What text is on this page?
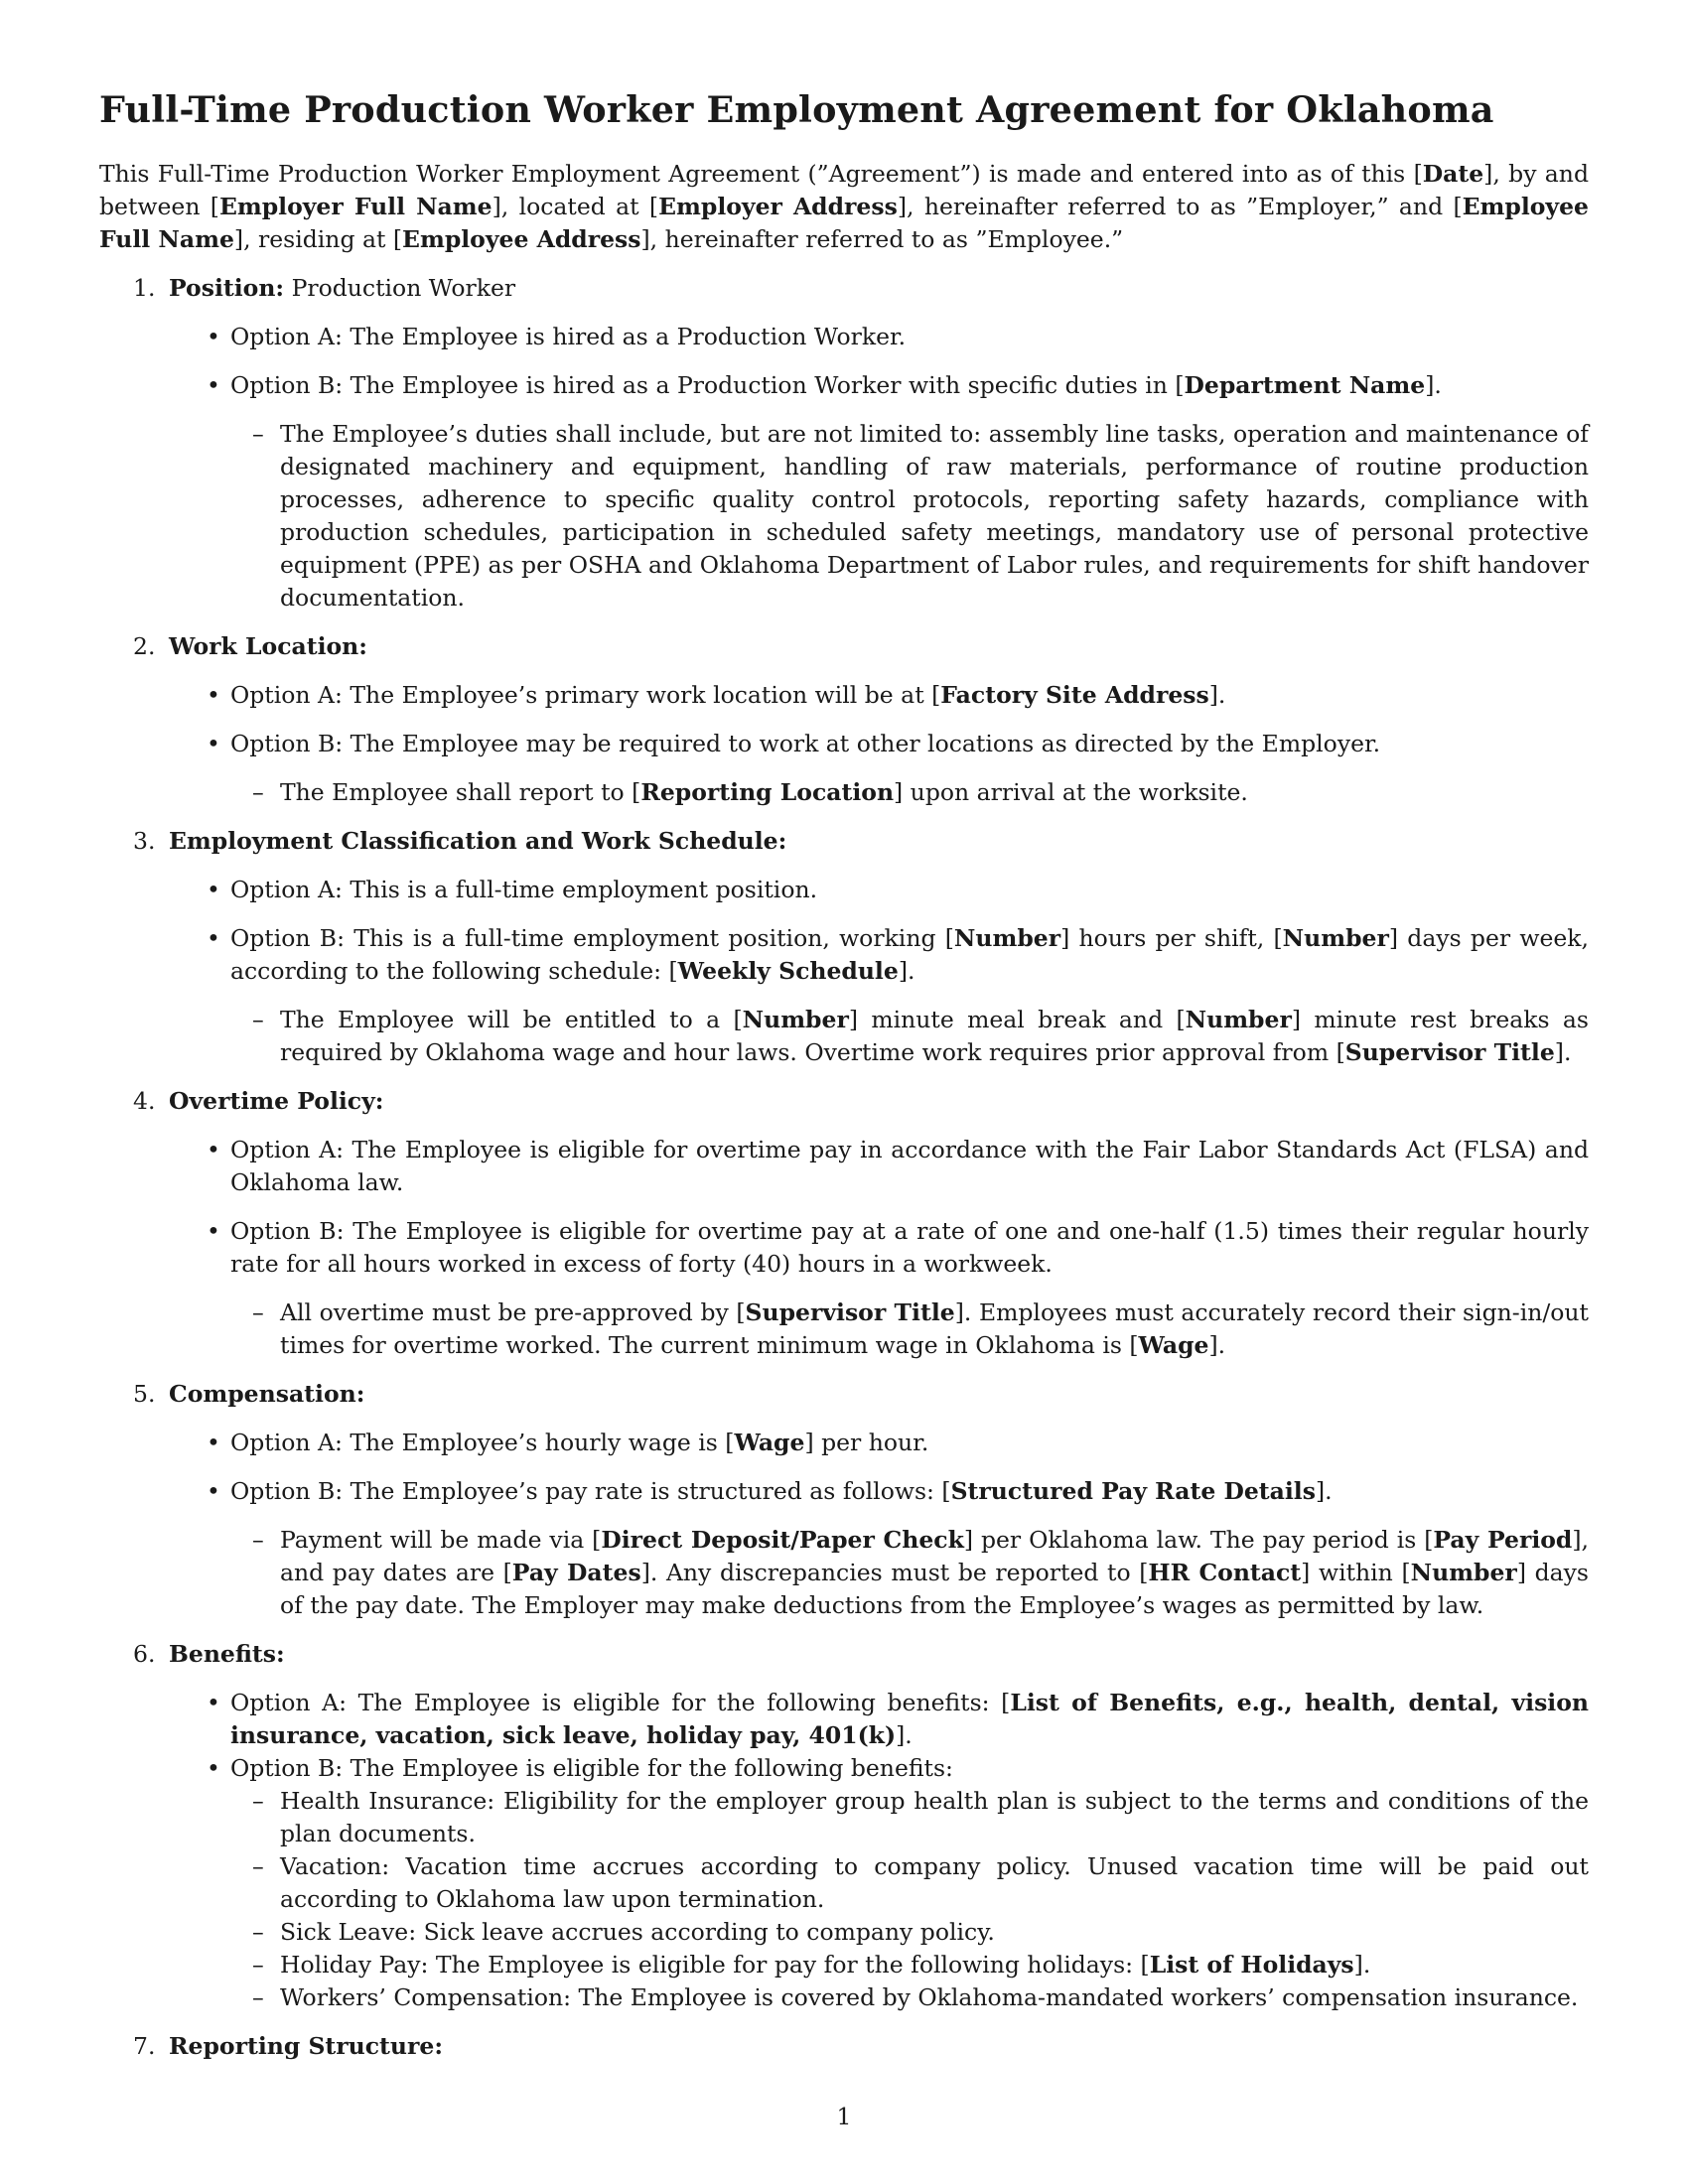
Full-Time Production Worker Employment Agreement for Oklahoma

This Full-Time Production Worker Employment Agreement (”Agreement”) is made and entered into as of this [Date], by and between [Employer Full Name], located at [Employer Address], hereinafter referred to as ”Employer,” and [Employee Full Name], residing at [Employee Address], hereinafter referred to as ”Employee.”

1. Position: Production Worker
• Option A: The Employee is hired as a Production Worker.
• Option B: The Employee is hired as a Production Worker with specific duties in [Department Name].
– The Employee’s duties shall include, but are not limited to: assembly line tasks, operation and maintenance of designated machinery and equipment, handling of raw materials, performance of routine production processes, adherence to specific quality control protocols, reporting safety hazards, compliance with production schedules, participation in scheduled safety meetings, mandatory use of personal protective equipment (PPE) as per OSHA and Oklahoma Department of Labor rules, and requirements for shift handover documentation.
2. Work Location:
• Option A: The Employee’s primary work location will be at [Factory Site Address].
• Option B: The Employee may be required to work at other locations as directed by the Employer.
– The Employee shall report to [Reporting Location] upon arrival at the worksite.
3. Employment Classification and Work Schedule:
• Option A: This is a full-time employment position.
• Option B: This is a full-time employment position, working [Number] hours per shift, [Number] days per week, according to the following schedule: [Weekly Schedule].
– The Employee will be entitled to a [Number] minute meal break and [Number] minute rest breaks as required by Oklahoma wage and hour laws. Overtime work requires prior approval from [Supervisor Title].
4. Overtime Policy:
• Option A: The Employee is eligible for overtime pay in accordance with the Fair Labor Standards Act (FLSA) and Oklahoma law.
• Option B: The Employee is eligible for overtime pay at a rate of one and one-half (1.5) times their regular hourly rate for all hours worked in excess of forty (40) hours in a workweek.
– All overtime must be pre-approved by [Supervisor Title]. Employees must accurately record their sign-in/out times for overtime worked. The current minimum wage in Oklahoma is [Wage].
5. Compensation:
• Option A: The Employee’s hourly wage is [Wage] per hour.
• Option B: The Employee’s pay rate is structured as follows: [Structured Pay Rate Details].
– Payment will be made via [Direct Deposit/Paper Check] per Oklahoma law. The pay period is [Pay Period], and pay dates are [Pay Dates]. Any discrepancies must be reported to [HR Contact] within [Number] days of the pay date. The Employer may make deductions from the Employee’s wages as permitted by law.
6. Benefits:
• Option A: The Employee is eligible for the following benefits: [List of Benefits, e.g., health, dental, vision insurance, vacation, sick leave, holiday pay, 401(k)].
• Option B: The Employee is eligible for the following benefits:
– Health Insurance: Eligibility for the employer group health plan is subject to the terms and conditions of the plan documents.
– Vacation: Vacation time accrues according to company policy. Unused vacation time will be paid out according to Oklahoma law upon termination.
– Sick Leave: Sick leave accrues according to company policy.
– Holiday Pay: The Employee is eligible for pay for the following holidays: [List of Holidays].
– Workers’ Compensation: The Employee is covered by Oklahoma-mandated workers’ compensation insurance.
7. Reporting Structure:
1
